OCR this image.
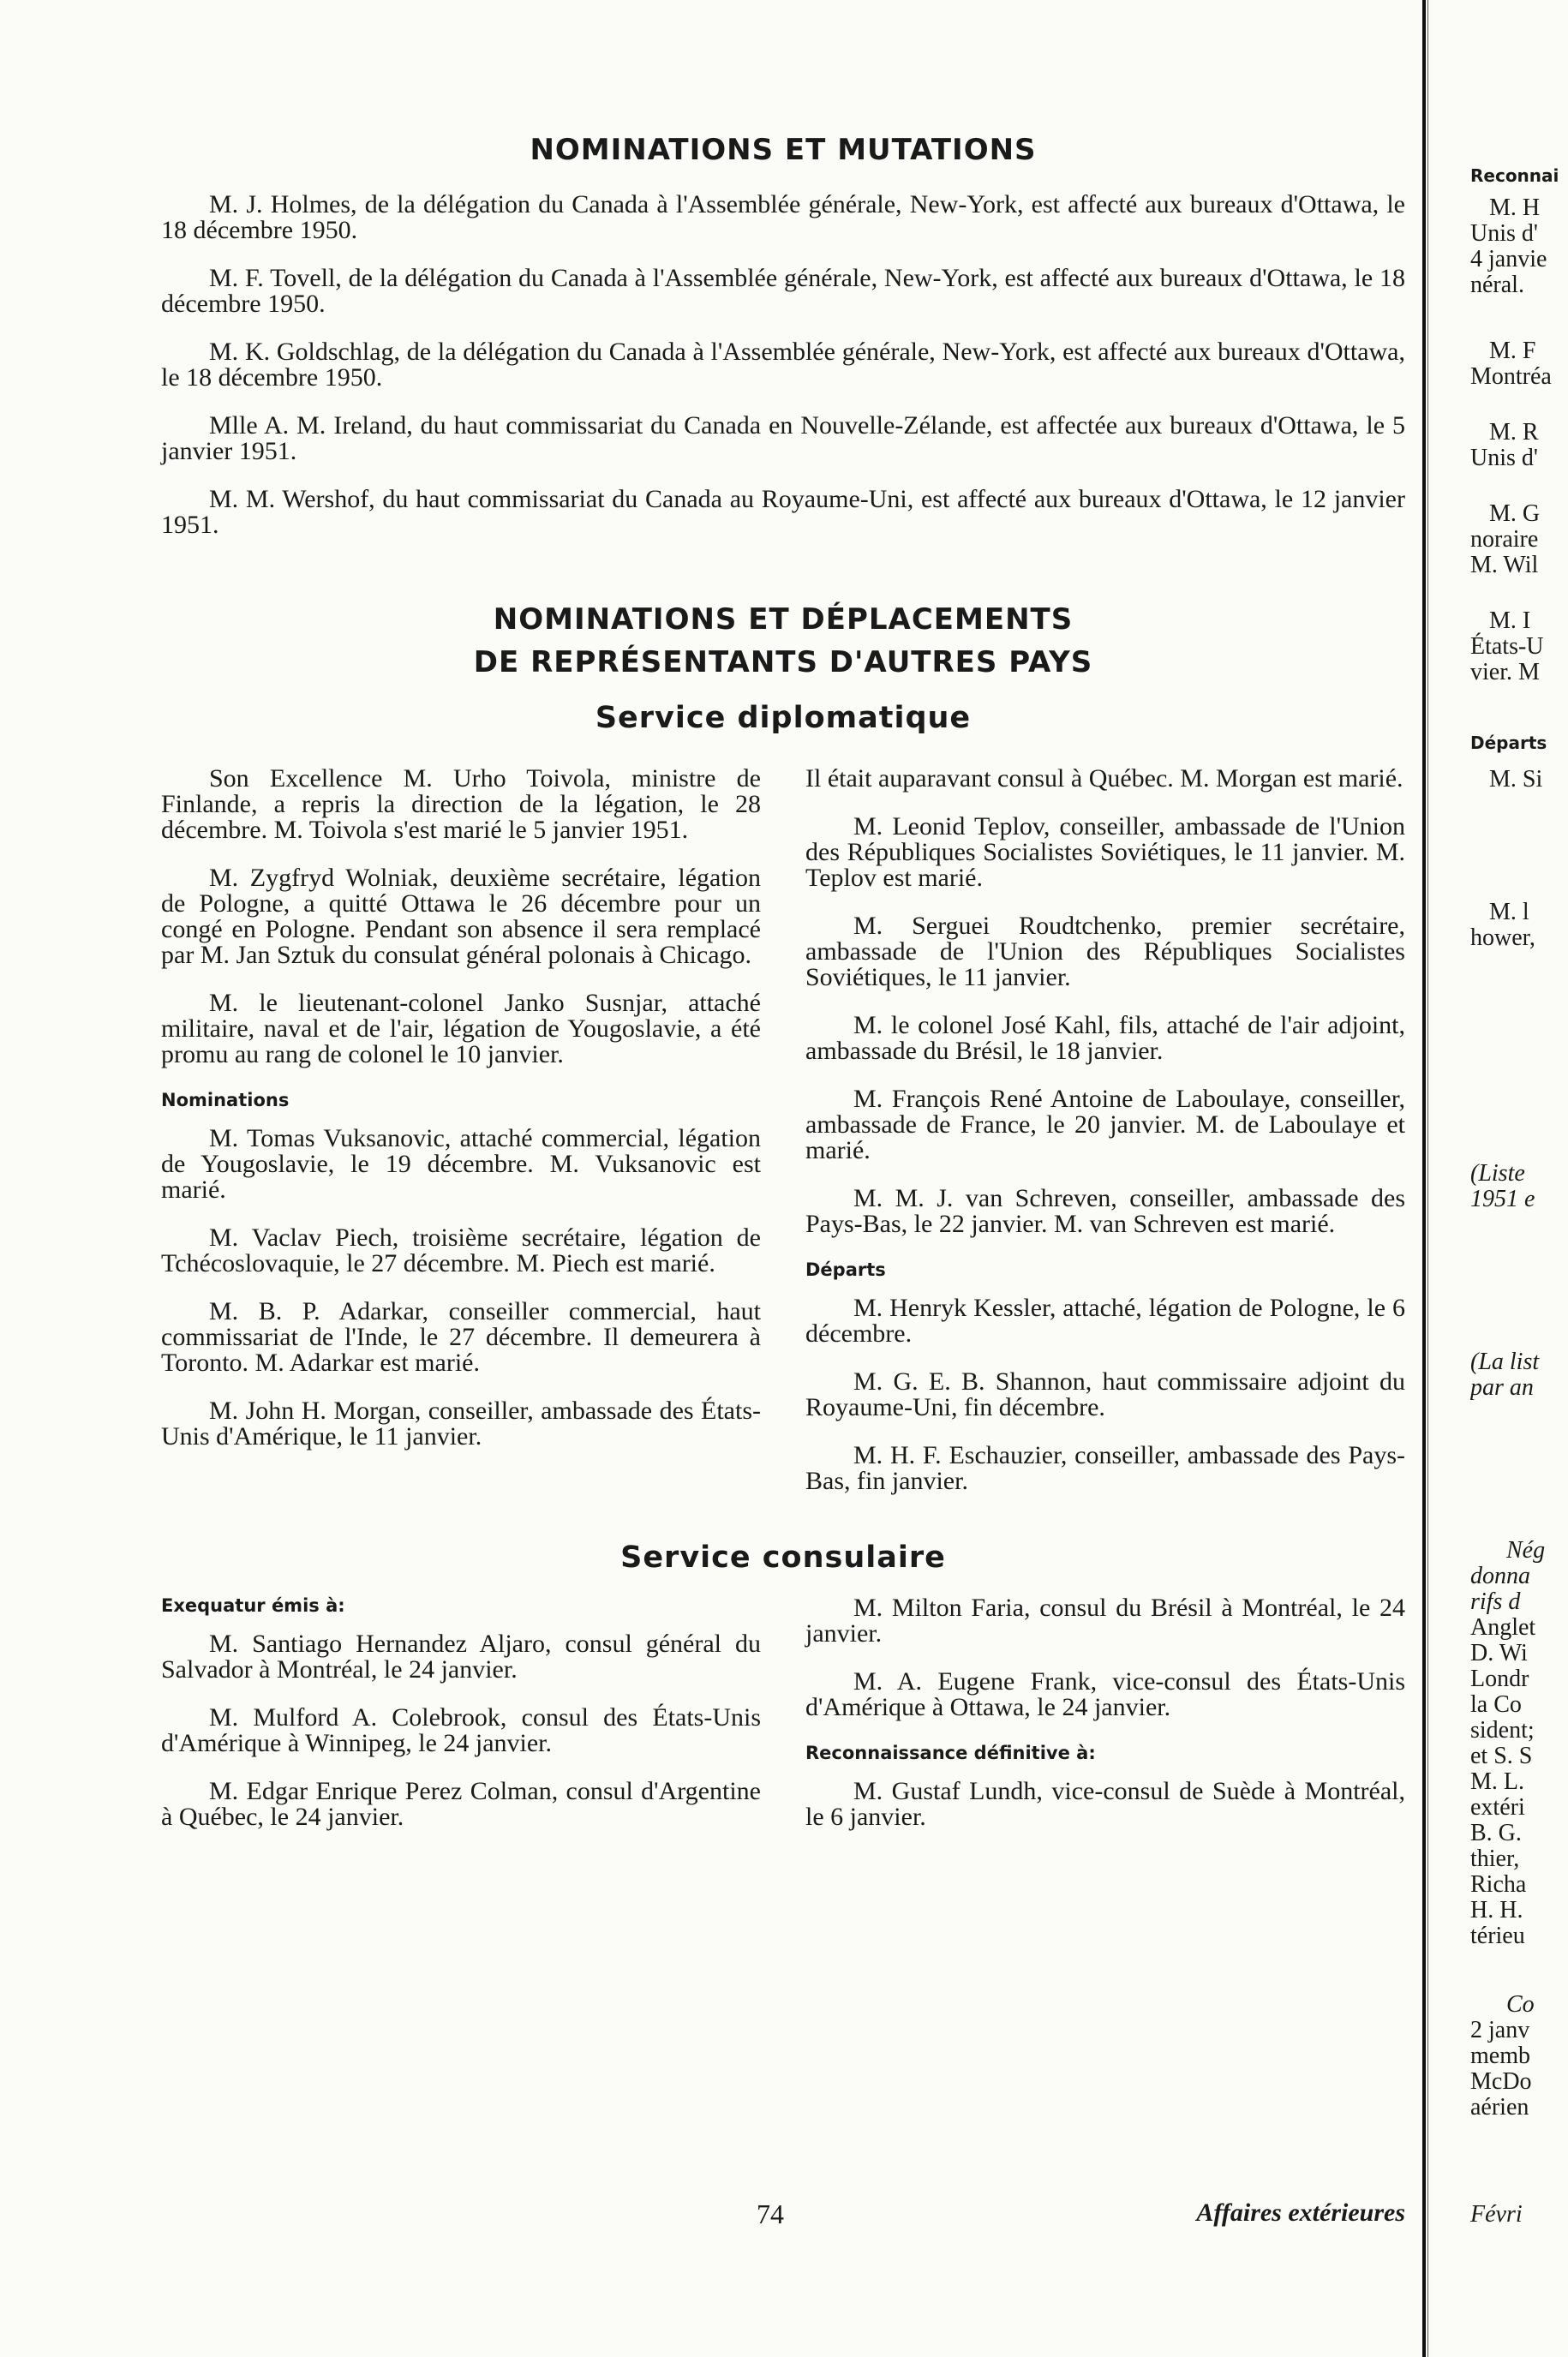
NOMINATIONS ET MUTATIONS

M. J. Holmes, de la délégation du Canada à l'Assemblée générale, New-York, est affecté aux bureaux d'Ottawa, le 18 décembre 1950.

M. F. Tovell, de la délégation du Canada à l'Assemblée générale, New-York, est affecté aux bureaux d'Ottawa, le 18 décembre 1950.

M. K. Goldschlag, de la délégation du Canada à l'Assemblée générale, New-York, est affecté aux bureaux d'Ottawa, le 18 décembre 1950.

Mlle A. M. Ireland, du haut commissariat du Canada en Nouvelle-Zélande, est affectée aux bureaux d'Ottawa, le 5 janvier 1951.

M. M. Wershof, du haut commissariat du Canada au Royaume-Uni, est affecté aux bureaux d'Ottawa, le 12 janvier 1951.

NOMINATIONS ET DÉPLACEMENTS
DE REPRÉSENTANTS D'AUTRES PAYS
Service diplomatique

Son Excellence M. Urho Toivola, ministre de Finlande, a repris la direction de la légation, le 28 décembre. M. Toivola s'est marié le 5 janvier 1951.

M. Zygfryd Wolniak, deuxième secrétaire, légation de Pologne, a quitté Ottawa le 26 décembre pour un congé en Pologne. Pendant son absence il sera remplacé par M. Jan Sztuk du consulat général polonais à Chicago.

M. le lieutenant-colonel Janko Susnjar, attaché militaire, naval et de l'air, légation de Yougoslavie, a été promu au rang de colonel le 10 janvier.

Nominations

M. Tomas Vuksanovic, attaché commercial, légation de Yougoslavie, le 19 décembre. M. Vuksanovic est marié.

M. Vaclav Piech, troisième secrétaire, légation de Tchécoslovaquie, le 27 décembre. M. Piech est marié.

M. B. P. Adarkar, conseiller commercial, haut commissariat de l'Inde, le 27 décembre. Il demeurera à Toronto. M. Adarkar est marié.

M. John H. Morgan, conseiller, ambassade des États-Unis d'Amérique, le 11 janvier.

Il était auparavant consul à Québec. M. Morgan est marié.

M. Leonid Teplov, conseiller, ambassade de l'Union des Républiques Socialistes Soviétiques, le 11 janvier. M. Teplov est marié.

M. Serguei Roudtchenko, premier secrétaire, ambassade de l'Union des Républiques Socialistes Soviétiques, le 11 janvier.

M. le colonel José Kahl, fils, attaché de l'air adjoint, ambassade du Brésil, le 18 janvier.

M. François René Antoine de Laboulaye, conseiller, ambassade de France, le 20 janvier. M. de Laboulaye et marié.

M. M. J. van Schreven, conseiller, ambassade des Pays-Bas, le 22 janvier. M. van Schreven est marié.

Départs

M. Henryk Kessler, attaché, légation de Pologne, le 6 décembre.

M. G. E. B. Shannon, haut commissaire adjoint du Royaume-Uni, fin décembre.

M. H. F. Eschauzier, conseiller, ambassade des Pays-Bas, fin janvier.

Service consulaire
Exequatur émis à:

M. Santiago Hernandez Aljaro, consul général du Salvador à Montréal, le 24 janvier.

M. Mulford A. Colebrook, consul des États-Unis d'Amérique à Winnipeg, le 24 janvier.

M. Edgar Enrique Perez Colman, consul d'Argentine à Québec, le 24 janvier.

M. Milton Faria, consul du Brésil à Montréal, le 24 janvier.

M. A. Eugene Frank, vice-consul des États-Unis d'Amérique à Ottawa, le 24 janvier.

Reconnaissance définitive à:

M. Gustaf Lundh, vice-consul de Suède à Montréal, le 6 janvier.

74	Affaires extérieures
Reconnai
M. H
Unis d'
4 janvie
néral.
M. F
Montréa
M. R
Unis d'
M. G
noraire
M. Wil
M. I
États-U
vier. M
Départs
M. Si
M. l
hower,
(Liste
1951 e
(La list
par an
Nég
donna
rifs d
Anglet
D. Wi
Londr
la Co
sident;
et S. S
M. L.
extéri
B. G.
thier,
Richa
H. H.
térieu
Co
2 janv
memb
McDo
aérien
Févri
